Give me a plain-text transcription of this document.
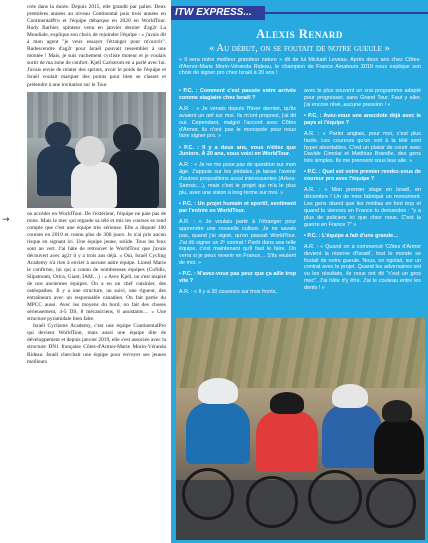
crée dans la durée. Depuis 2015, elle grandit par palier. Deux premières années au niveau Continental puis trois années en ContinentalPro et l'équipe débarque en 2020 en WorldTour. Rudy Barbier, spinteur venu en janvier dernier d'ag2r La Mondiale, explique son choix de rejoindre l'équipe : « j'avais dit à mon agent "je veux essayer l'étranger pour m'ouvrir". Rudescendre d'ag2r pour Israël pouvait ressembler à une montée ! Mais, je suis vachement cycliste moteur et je voulais sortir de ma zone de confort. Kjell Carlstrom en a parlé avec lui. J'avais envie de relater des sprints, avoir le poids de l'équipe et Israël voulait marquer des points pour bien se classer et prétendre à une invitation sur le Tour

ou accéder en WorldTour. De l'extérieur, l'équipe ne paie pas de mine. Mais le mec qui regarde sa télé et mis les courses se rend compte que c'est une équipe très sérieuse. Elle a disputé 100 courses en 2019 et connu plus de 300 jours. Je n'ai pris aucun risque en signant ici. Une équipe jeune, solide. Tous les feux sont au vert. J'ai hâte de retrouver le WorldTour que j'avais découvert avec ag2r il y a trois ans déjà. » Oui, Israël Cycling Academy n'a rien à envier à aucune autre équipe. Lionel Marie le confirme, lui qui a connu de nombreuses équipes (Cofidis, Slipstream, Orica, Giant, IAM…) : « Avec Kjell, on s'est inspiré de nos anciennes équipes. On a eu un chef cuisinier, des ostéopathes. Il y a une structure, un suivi, une rigueur, des entraîneurs avec un responsable canadien. On fait partie du MPCC aussi. Avec les moyens du bord, on fait des choses sérieusement, 4-5 DS, 8 mécaniciens, 8 assistants… » Une structure pyramidale bien faite.

Israël Cyclisme Academy, c'est une équipe ContinentalPro qui devient WorldTour, mais aussi une équipe dite de développement et depuis janvier 2019, elle s'est associée avec la structure DN1 française Côtes-d'Armor-Marie Morin-Véranda Rideau. Israël cherchait une équipe pour envoyer ses jeunes meilleurs

→
ITW EXPRESS...
Alexis Renard
« Au début, on se foutait de notre gueule »

« Il sera notre meilleur grandeur nature » dit de lui Mickaël Leveau. Après deux ans chez Côtes-d'Armor-Marie Morin-Véranda Rideau, le champion de France Amateurs 2019 nous explique son choix de signer pro chez Israël à 20 ans !

• P.C. : Comment c'est passée votre arrivée comme stagiaire chez Israël ?

A.R. : « Je venais depuis l'hiver dernier, qu'ils avaient un œil sur moi. Ils m'ont proposé, j'ai dit oui. Cependant, malgré l'accord avec Côtes d'Armor, ils n'ont pas le monopole pour nous faire signer pro. »

• P.C. : Il y a deux ans, vous n'étiez que Juniors. À 20 ans, vous voici en WorldTour.

A.R. : « Je ne me pose pas de question sur mon âge. J'appuie sur les pédales, je laisse l'avenir d'autres propositions aussi intéressantes (Arkea-Samsic…), mais c'est le projet qui m'a le plus plu, avec une vision à long terme sur moi. »

• P.C. : Un projet humain et sportif, sentiment par l'entrée en WorldTour.

A.R. : « Je voulais partir à l'étranger pour apprendre une nouvelle culture. Je ne savais pas, quand j'ai signé, qu'on passait WorldTour. J'ai dû signer un 2ᵉ contrat ! Parlir dans une telle équipe, c'est maintenant qu'il faut le faire. On verra si je peux revenir en France… S'ils veulent de moi. »

• P.C. : N'avez-vous pas peur que ça aille trop vite ?

A.R. : « Il y a 30 coureurs sur trois fronts,

avec le plus souvent un vrai programme adapté pour progresser, sans Grand Tour. Faut y aller, j'ai encore rêvé, aucune pression ! »

• P.C. : Avez-vous une anecdote déjà avec le pays et l'équipe ?

A.R. : « Parler anglais, pour moi, c'est plus facile. Les coureurs qu'on voit à la télé sont hyper abordables. C'est un plaisir de courir avec Davide Cimolai et Matthias Brandle, des gens très simples. Ils me prennent sous leur aile. »

• P.C. : Quel est votre premier rendez-vous de coureur pro avec l'équipe ?

A.R. : « Mon premier stage en Israël, en décembre ! Un de mes fabriqué un monument. Les gens disent que les médias en font trop et quand tu viennes en France tu demandes : "y a plus de policiers ici que chez nous. C'est la guerre en France ?" »

• P.C. : L'équipe a fait d'une grande…

A.R. : « Quand on a commencé 'Côtes d'Armor devient la réserve d'Israël', tout le monde se foutait de notre gueule. Nous, on rigolait, sur un contrat avec le projet. Quand les adversaires ont vu les résultats, ils nous ont dit "c'est un gros mec". J'ai hâte d'y être. J'ai le couteau entre les dents ! »
